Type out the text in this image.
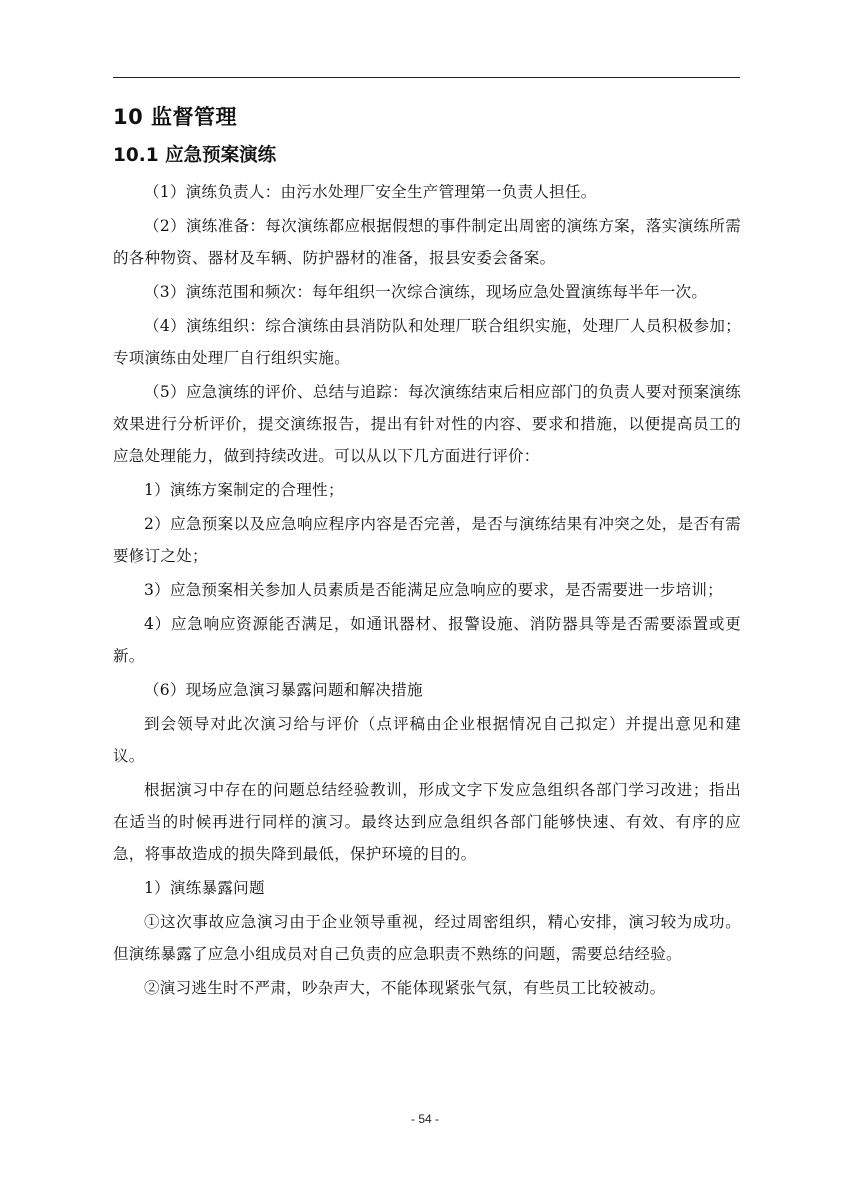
10 监督管理
10.1 应急预案演练

（1）演练负责人：由污水处理厂安全生产管理第一负责人担任。

（2）演练准备：每次演练都应根据假想的事件制定出周密的演练方案，落实演练所需的各种物资、器材及车辆、防护器材的准备，报县安委会备案。

（3）演练范围和频次：每年组织一次综合演练，现场应急处置演练每半年一次。

（4）演练组织：综合演练由县消防队和处理厂联合组织实施，处理厂人员积极参加；专项演练由处理厂自行组织实施。

（5）应急演练的评价、总结与追踪：每次演练结束后相应部门的负责人要对预案演练效果进行分析评价，提交演练报告，提出有针对性的内容、要求和措施，以便提高员工的应急处理能力，做到持续改进。可以从以下几方面进行评价：

1）演练方案制定的合理性；

2）应急预案以及应急响应程序内容是否完善，是否与演练结果有冲突之处，是否有需要修订之处；

3）应急预案相关参加人员素质是否能满足应急响应的要求，是否需要进一步培训；

4）应急响应资源能否满足，如通讯器材、报警设施、消防器具等是否需要添置或更新。

（6）现场应急演习暴露问题和解决措施

到会领导对此次演习给与评价（点评稿由企业根据情况自己拟定）并提出意见和建议。

根据演习中存在的问题总结经验教训，形成文字下发应急组织各部门学习改进；指出在适当的时候再进行同样的演习。最终达到应急组织各部门能够快速、有效、有序的应急，将事故造成的损失降到最低，保护环境的目的。

1）演练暴露问题

①这次事故应急演习由于企业领导重视，经过周密组织，精心安排，演习较为成功。但演练暴露了应急小组成员对自己负责的应急职责不熟练的问题，需要总结经验。

②演习逃生时不严肃，吵杂声大，不能体现紧张气氛，有些员工比较被动。

- 54 -
